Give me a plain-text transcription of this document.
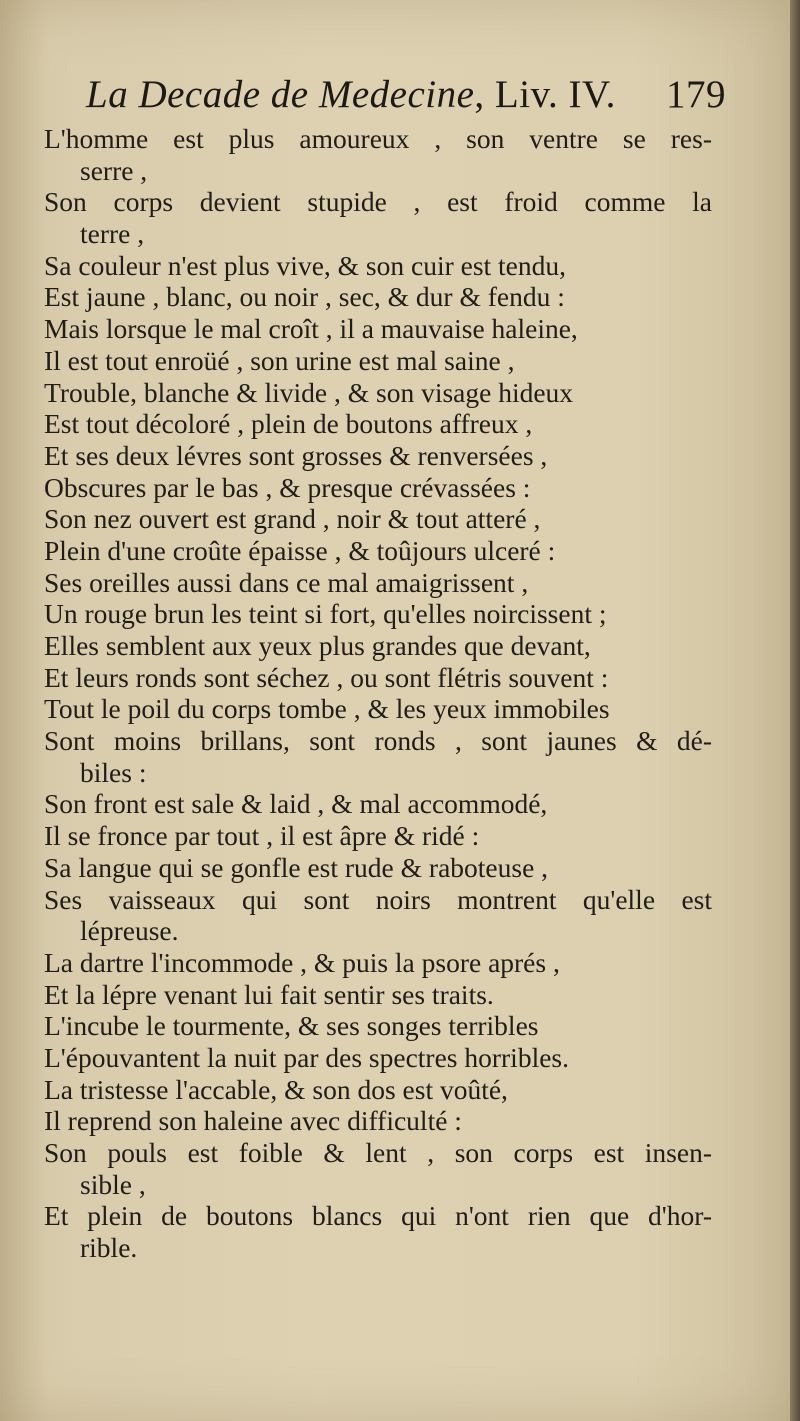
La Decade de Medecine, Liv. IV. 179
L'homme est plus amoureux , son ventre se res-
serre ,
Son corps devient stupide , est froid comme la
terre ,
Sa couleur n'est plus vive, & son cuir est tendu,
Est jaune , blanc, ou noir , sec, & dur & fendu :
Mais lorsque le mal croît , il a mauvaise haleine,
Il est tout enroüé , son urine est mal saine ,
Trouble, blanche & livide , & son visage hideux
Est tout décoloré , plein de boutons affreux ,
Et ses deux lévres sont grosses & renversées ,
Obscures par le bas , & presque crévassées :
Son nez ouvert est grand , noir & tout atteré ,
Plein d'une croûte épaisse , & toûjours ulceré :
Ses oreilles aussi dans ce mal amaigrissent ,
Un rouge brun les teint si fort, qu'elles noircissent ;
Elles semblent aux yeux plus grandes que devant,
Et leurs ronds sont séchez , ou sont flétris souvent :
Tout le poil du corps tombe , & les yeux immobiles
Sont moins brillans, sont ronds , sont jaunes & dé-
biles :
Son front est sale & laid , & mal accommodé,
Il se fronce par tout , il est âpre & ridé :
Sa langue qui se gonfle est rude & raboteuse ,
Ses vaisseaux qui sont noirs montrent qu'elle est
lépreuse.
La dartre l'incommode , & puis la psore aprés ,
Et la lépre venant lui fait sentir ses traits.
L'incube le tourmente, & ses songes terribles
L'épouvantent la nuit par des spectres horribles.
La tristesse l'accable, & son dos est voûté,
Il reprend son haleine avec difficulté :
Son pouls est foible & lent , son corps est insen-
sible ,
Et plein de boutons blancs qui n'ont rien que d'hor-
rible.
